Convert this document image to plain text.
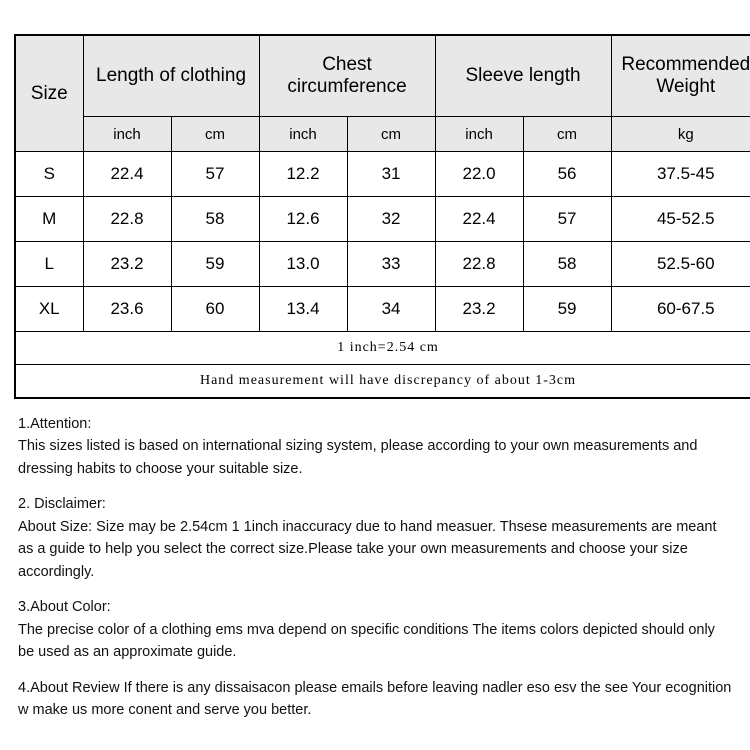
Size	Length of clothing		Chest circumference		Sleeve length		Recommended Weight
	inch	cm	inch	cm	inch	cm	kg
S	22.4	57	12.2	31	22.0	56	37.5-45
M	22.8	58	12.6	32	22.4	57	45-52.5
L	23.2	59	13.0	33	22.8	58	52.5-60
XL	23.6	60	13.4	34	23.2	59	60-67.5
1 inch=2.54 cm							
Hand measurement will have discrepancy of about 1-3cm							

1.Attention:

This sizes listed is based on international sizing system, please according to your own measurements and dressing habits to choose your suitable size.

2. Disclaimer:

About Size: Size may be 2.54cm 1 1inch inaccuracy due to hand measuer. Thsese measurements are meant as a guide to help you select the correct size.Please take your own measurements and choose your size accordingly.

3.About Color:

The precise color of a clothing ems mva depend on specific conditions The items colors depicted should only be used as an approximate guide.

4.About Review If there is any dissaisacon please emails before leaving nadler eso esv the see Your ecognition w make us more conent and serve you better.
